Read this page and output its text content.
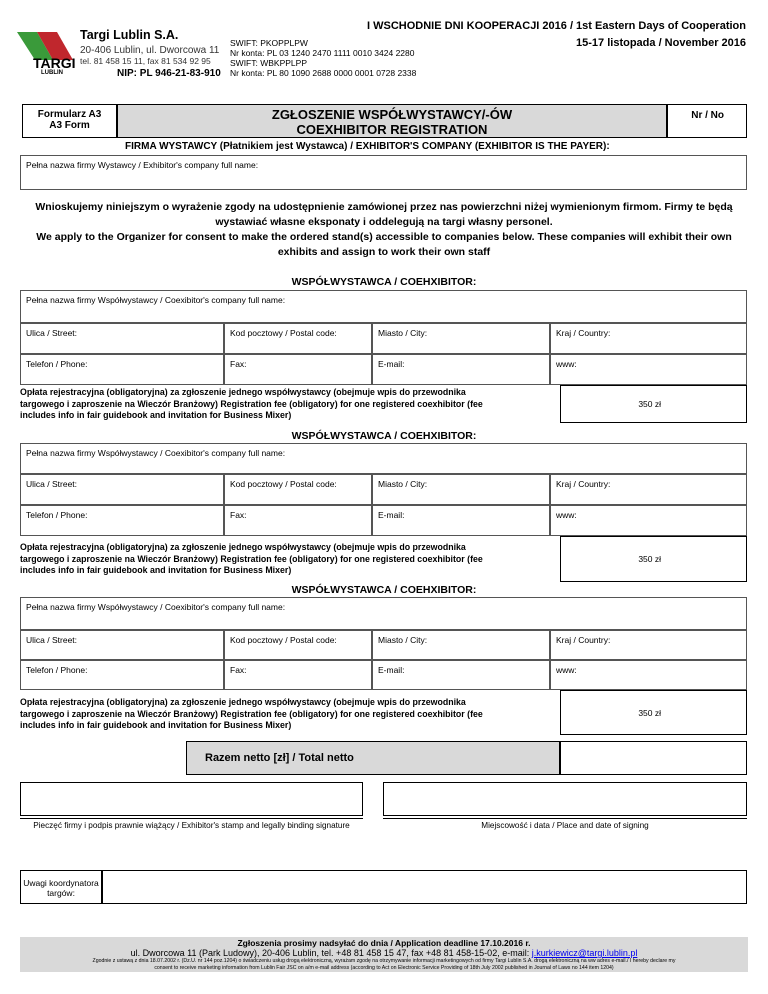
TARGI
LUBLIN
Targi Lublin S.A.
20-406 Lublin, ul. Dworcowa 11
tel. 81 458 15 11, fax 81 534 92 95
NIP: PL 946-21-83-910
SWIFT: PKOPPLPW
Nr konta: PL 03 1240 2470 1111 0010 3424 2280
SWIFT: WBKPPLPP
Nr konta: PL 80 1090 2688 0000 0001 0728 2338
I WSCHODNIE DNI KOOPERACJI 2016 / 1st Eastern Days of Cooperation
15-17 listopada / November 2016
Formularz A3
A3 Form
ZGŁOSZENIE WSPÓŁWYSTAWCY/-ÓW
COEXHIBITOR REGISTRATION
Nr / No
FIRMA WYSTAWCY (Płatnikiem jest Wystawca) / EXHIBITOR'S COMPANY (EXHIBITOR IS THE PAYER):
Pełna nazwa firmy Wystawcy / Exhibitor's company full name:
Wnioskujemy niniejszym o wyrażenie zgody na udostępnienie zamówionej przez nas powierzchni niżej wymienionym firmom. Firmy te będą
wystawiać własne eksponaty i oddelegują na targi własny personel.
We apply to the Organizer for consent to make the ordered stand(s) accessible to companies below. These companies will exhibit their own
exhibits and assign to work their own staff
WSPÓŁWYSTAWCA / COEHXIBITOR:
Pełna nazwa firmy Współwystawcy / Coexibitor's company full name:
Ulica / Street:	Kod pocztowy / Postal code:	Miasto / City:	Kraj / Country:
Telefon / Phone:	Fax:	E-mail:	www:
Opłata rejestracyjna (obligatoryjna) za zgłoszenie jednego współwystawcy (obejmuje wpis do przewodnika
targowego i zaproszenie na Wieczór Branżowy) Registration fee (obligatory) for one registered coexhibitor (fee
includes info in fair guidebook and invitation for Business Mixer)
350 zł
WSPÓŁWYSTAWCA / COEHXIBITOR:
Pełna nazwa firmy Współwystawcy / Coexibitor's company full name:
Ulica / Street:	Kod pocztowy / Postal code:	Miasto / City:	Kraj / Country:
Telefon / Phone:	Fax:	E-mail:	www:
Opłata rejestracyjna (obligatoryjna) za zgłoszenie jednego współwystawcy (obejmuje wpis do przewodnika
targowego i zaproszenie na Wieczór Branżowy) Registration fee (obligatory) for one registered coexhibitor (fee
includes info in fair guidebook and invitation for Business Mixer)
350 zł
WSPÓŁWYSTAWCA / COEHXIBITOR:
Pełna nazwa firmy Współwystawcy / Coexibitor's company full name:
Ulica / Street:	Kod pocztowy / Postal code:	Miasto / City:	Kraj / Country:
Telefon / Phone:	Fax:	E-mail:	www:
Opłata rejestracyjna (obligatoryjna) za zgłoszenie jednego współwystawcy (obejmuje wpis do przewodnika
targowego i zaproszenie na Wieczór Branżowy) Registration fee (obligatory) for one registered coexhibitor (fee
includes info in fair guidebook and invitation for Business Mixer)
350 zł
Razem netto [zł] / Total netto
Pieczęć firmy i podpis prawnie wiążący / Exhibitor's stamp and legally binding signature	Miejscowość i data / Place and date of signing
Uwagi koordynatora
targów:
Zgłoszenia prosimy nadsyłać do dnia / Application deadline 17.10.2016 r.
ul. Dworcowa 11 (Park Ludowy), 20-406 Lublin, tel. +48 81 458 15 47, fax +48 81 458-15-02, e-mail: j.kurkiewicz@targi.lublin.pl
Zgodnie z ustawą z dnia 18.07.2002 r. (Dz.U. nr 144 poz.1204) o świadczeniu usług drogą elektroniczną, wyrażam zgodę na otrzymywanie informacji marketingowych od firmy Targi Lublin S.A. drogą elektroniczną na ww adres e-mail./ I hereby declare my
consent to receive marketing information from Lublin Fair JSC on a/m e-mail address (according to Act on Electronic Service Providing of 18th July 2002 published in Journal of Laws no 144 item 1204)
